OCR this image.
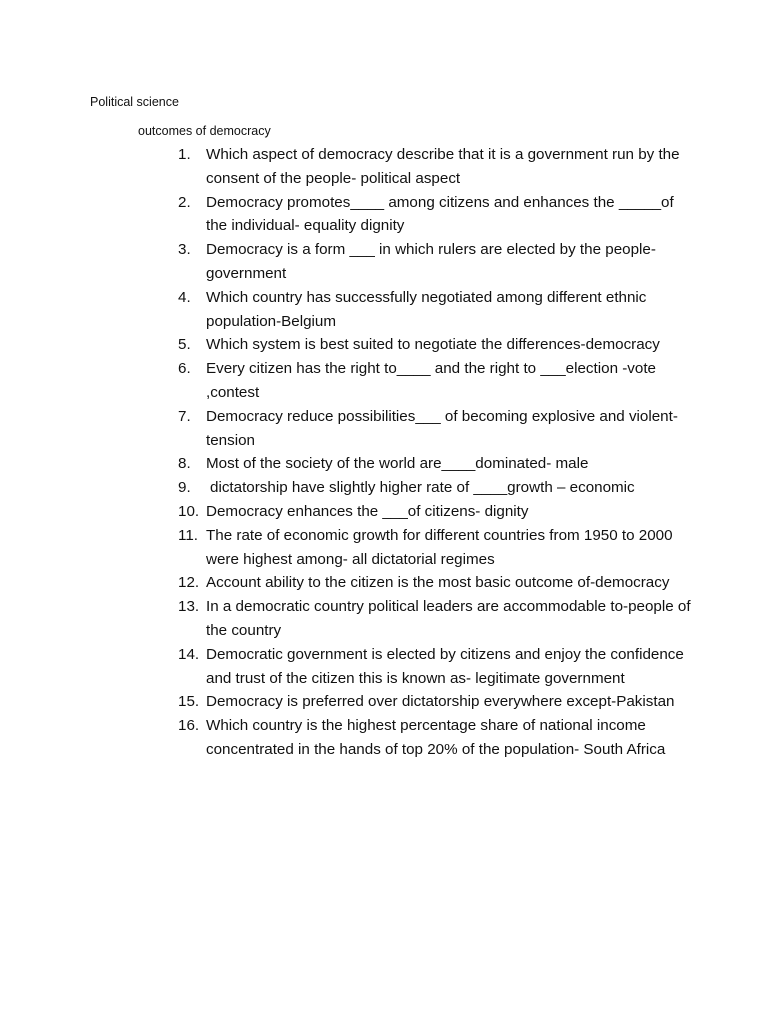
Political science
outcomes of democracy
1.	Which aspect of democracy describe that it is a government run by the consent of the people- political aspect
2.	Democracy promotes____ among citizens and enhances the _____of the individual- equality dignity
3.	Democracy is a form ___ in which rulers are elected by the people-government
4.	Which country has successfully negotiated among different ethnic population-Belgium
5.	Which system is best suited to negotiate the differences-democracy
6.	Every citizen has the right to____ and the right to ___election -vote ,contest
7.	Democracy reduce possibilities___ of becoming explosive and violent- tension
8.	Most of the society of the world are____dominated- male
9.	dictatorship have slightly higher rate of ____growth – economic
10. Democracy enhances the ___of citizens- dignity
11. The rate of economic growth for different countries from 1950 to 2000 were highest among- all dictatorial regimes
12. Account ability to the citizen is the most basic outcome of-democracy
13. In a democratic country political leaders are accommodable to-people of the country
14. Democratic government is elected by citizens and enjoy the confidence and trust of the citizen this is known as- legitimate government
15. Democracy is preferred over dictatorship everywhere except-Pakistan
16. Which country is the highest percentage share of national income concentrated in the hands of top 20% of the population- South Africa
